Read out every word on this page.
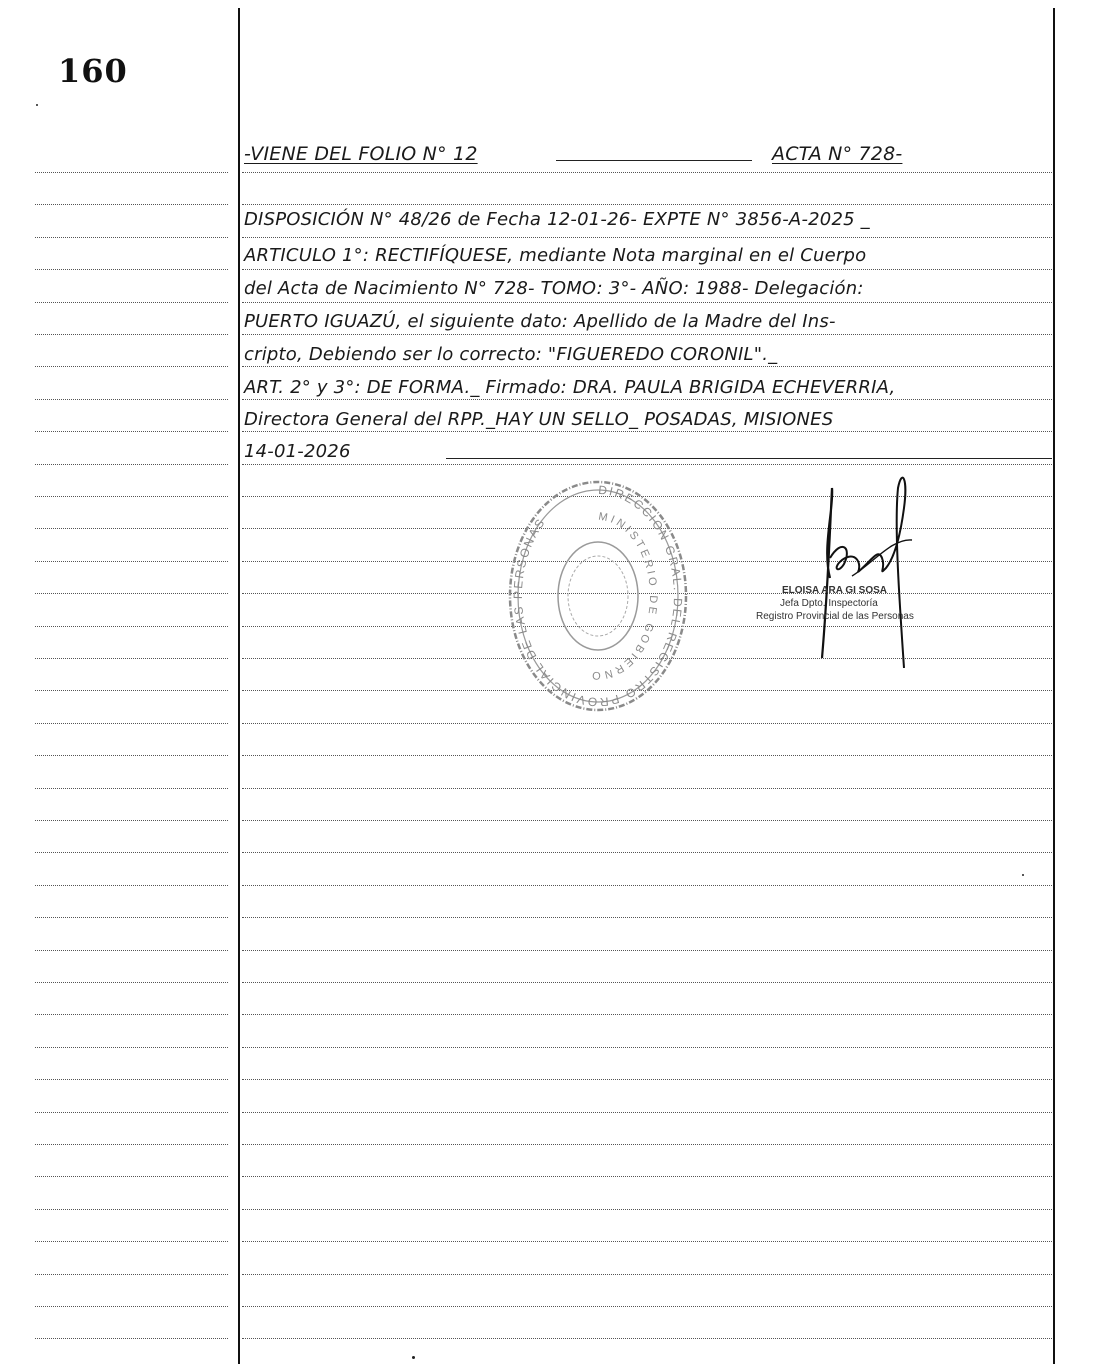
160
-VIENE DEL FOLIO N° 12	ACTA N° 728-
DISPOSICIÓN N° 48/26 de Fecha 12-01-26- EXPTE N° 3856-A-2025 _
ARTICULO 1°: RECTIFÍQUESE, mediante Nota marginal en el Cuerpo
del Acta de Nacimiento N° 728- TOMO: 3°- AÑO: 1988- Delegación:
PUERTO IGUAZÚ, el siguiente dato: Apellido de la Madre del Ins-
cripto, Debiendo ser lo correcto: "FIGUEREDO CORONIL"._
ART. 2° y 3°: DE FORMA._ Firmado: DRA. PAULA BRIGIDA ECHEVERRIA,
Directora General del RPP._HAY UN SELLO_ POSADAS, MISIONES
14-01-2026
DIRECCION GRAL. DEL REGISTRO PROVINCIAL DE LAS PERSONAS	MINISTERIO DE GOBIERNO
ELOISA ARA GI SOSA
Jefa Dpto. Inspectoría
Registro Provincial de las Personas
